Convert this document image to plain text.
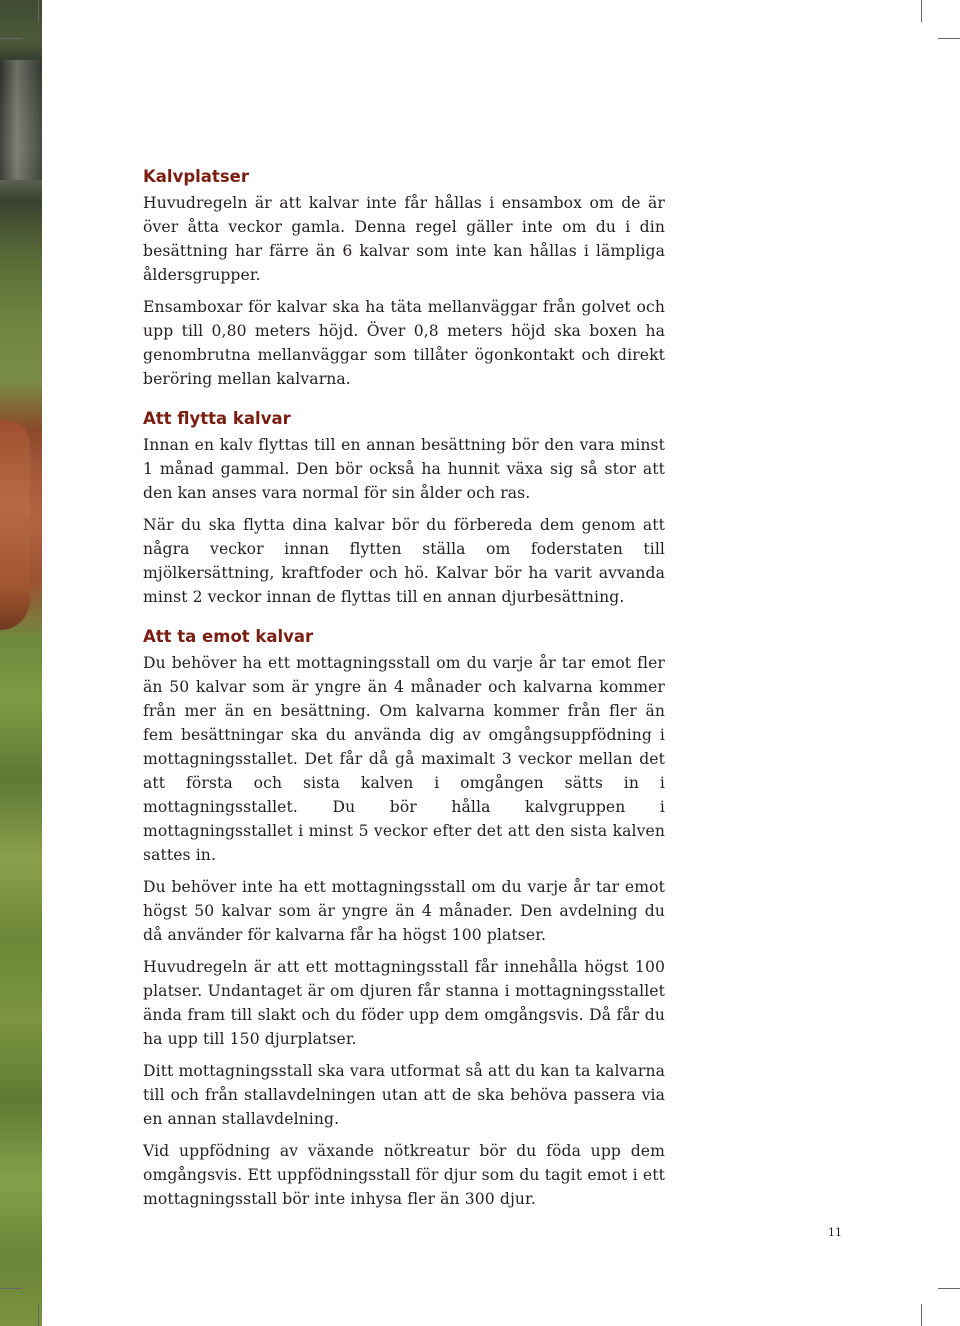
Kalvplatser

Huvudregeln är att kalvar inte får hållas i ensambox om de är över åtta veckor gamla. Denna regel gäller inte om du i din besättning har färre än 6 kalvar som inte kan hållas i lämpliga åldersgrupper.

Ensamboxar för kalvar ska ha täta mellanväggar från golvet och upp till 0,80 meters höjd. Över 0,8 meters höjd ska boxen ha genombrutna mellanväggar som tillåter ögonkontakt och direkt beröring mellan kalvarna.

Att flytta kalvar

Innan en kalv flyttas till en annan besättning bör den vara minst 1 månad gammal. Den bör också ha hunnit växa sig så stor att den kan anses vara normal för sin ålder och ras.

När du ska flytta dina kalvar bör du förbereda dem genom att några veckor innan flytten ställa om foderstaten till mjölkersättning, kraftfoder och hö. Kalvar bör ha varit avvanda minst 2 veckor innan de flyttas till en annan djurbesättning.

Att ta emot kalvar

Du behöver ha ett mottagningsstall om du varje år tar emot fler än 50 kalvar som är yngre än 4 månader och kalvarna kommer från mer än en besättning. Om kalvarna kommer från fler än fem besättningar ska du använda dig av omgångsuppfödning i mottagningsstallet. Det får då gå maximalt 3 veckor mellan det att första och sista kalven i omgången sätts in i mottagningsstallet. Du bör hålla kalvgruppen i mottagningsstallet i minst 5 veckor efter det att den sista kalven sattes in.

Du behöver inte ha ett mottagningsstall om du varje år tar emot högst 50 kalvar som är yngre än 4 månader. Den avdelning du då använder för kalvarna får ha högst 100 platser.

Huvudregeln är att ett mottagningsstall får innehålla högst 100 platser. Undantaget är om djuren får stanna i mottagningsstallet ända fram till slakt och du föder upp dem omgångsvis. Då får du ha upp till 150 djurplatser.

Ditt mottagningsstall ska vara utformat så att du kan ta kalvarna till och från stallavdelningen utan att de ska behöva passera via en annan stallavdelning.

Vid uppfödning av växande nötkreatur bör du föda upp dem omgångsvis. Ett uppfödningsstall för djur som du tagit emot i ett mottagningsstall bör inte inhysa fler än 300 djur.

11
